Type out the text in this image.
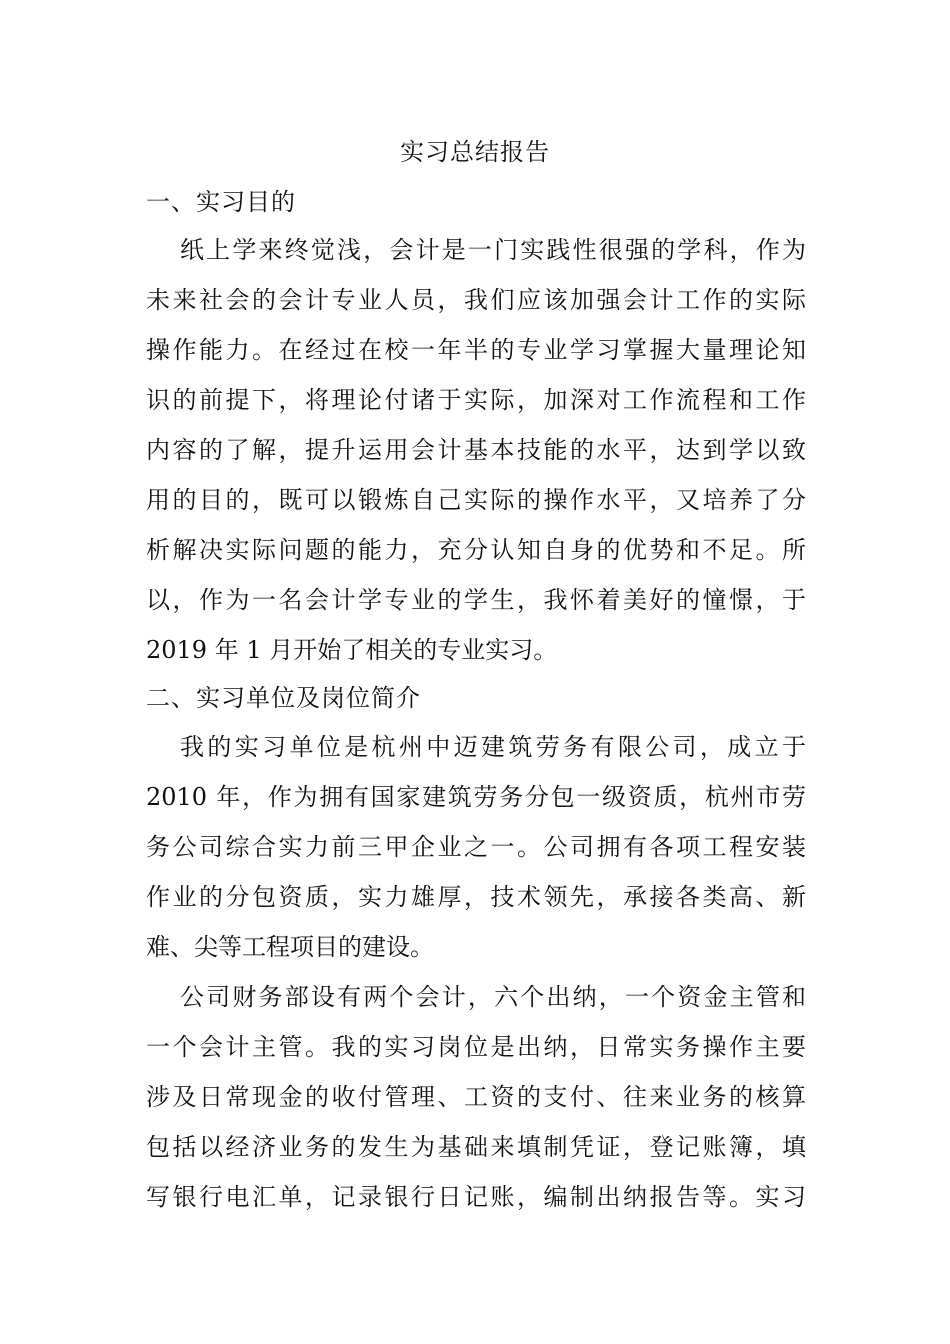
实习总结报告
一、实习目的
纸上学来终觉浅，会计是一门实践性很强的学科，作为
未来社会的会计专业人员，我们应该加强会计工作的实际
操作能力。在经过在校一年半的专业学习掌握大量理论知
识的前提下，将理论付诸于实际，加深对工作流程和工作
内容的了解，提升运用会计基本技能的水平，达到学以致
用的目的，既可以锻炼自己实际的操作水平，又培养了分
析解决实际问题的能力，充分认知自身的优势和不足。所
以，作为一名会计学专业的学生，我怀着美好的憧憬，于
2019 年 1 月开始了相关的专业实习。
二、实习单位及岗位简介
我的实习单位是杭州中迈建筑劳务有限公司，成立于
2010 年，作为拥有国家建筑劳务分包一级资质，杭州市劳
务公司综合实力前三甲企业之一。公司拥有各项工程安装
作业的分包资质，实力雄厚，技术领先，承接各类高、新
难、尖等工程项目的建设。
公司财务部设有两个会计，六个出纳，一个资金主管和
一个会计主管。我的实习岗位是出纳，日常实务操作主要
涉及日常现金的收付管理、工资的支付、往来业务的核算
包括以经济业务的发生为基础来填制凭证，登记账簿，填
写银行电汇单，记录银行日记账，编制出纳报告等。实习
